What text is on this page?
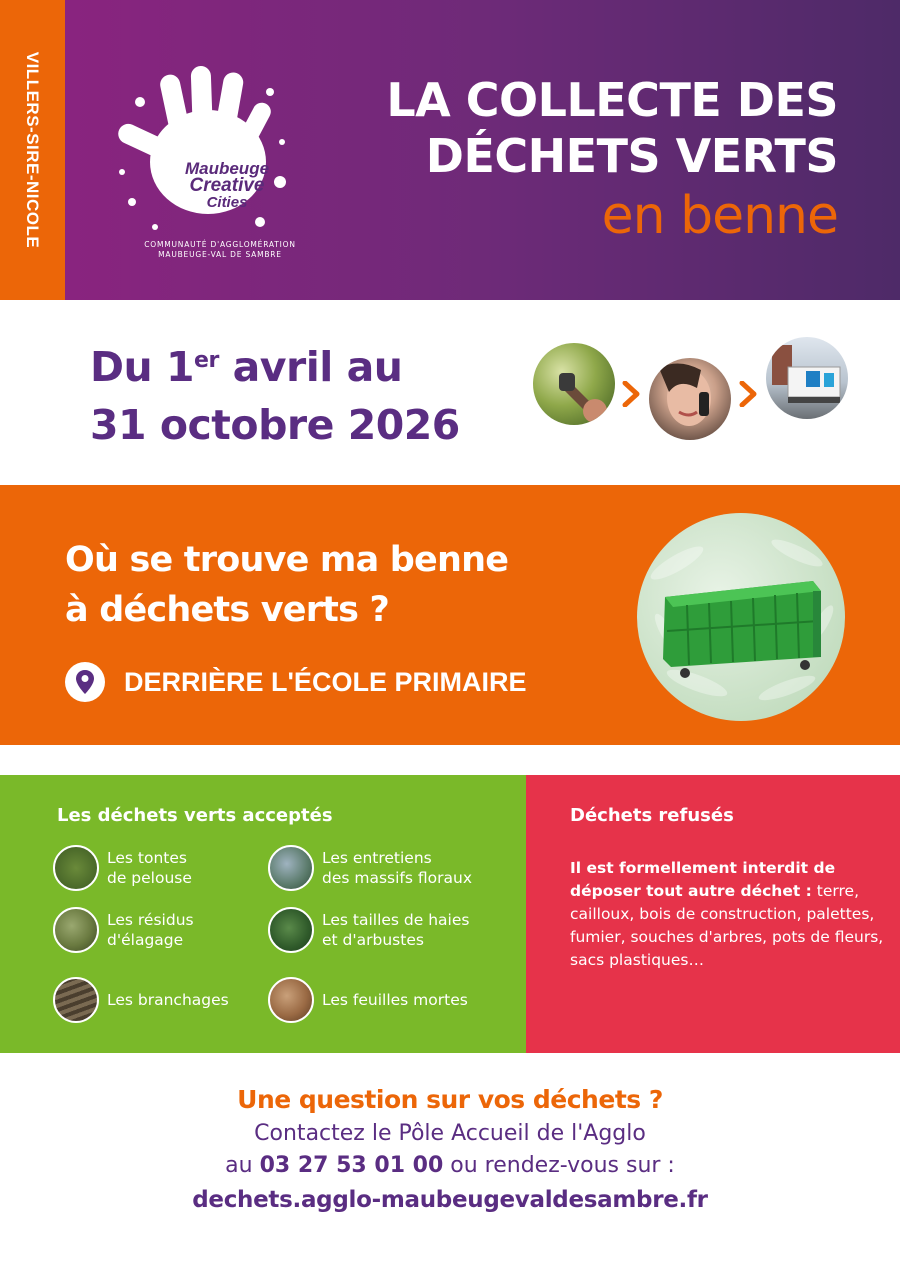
VILLERS-SIRE-NICOLE	Maubeuge
Creative
Cities
COMMUNAUTÉ D'AGGLOMÉRATION
MAUBEUGE-VAL DE SAMBRE
LA COLLECTE DES
DÉCHETS VERTS
en benne
Du 1er avril au
31 octobre 2026
Où se trouve ma benne
à déchets verts ?
DERRIÈRE L'ÉCOLE PRIMAIRE
Les déchets verts acceptés
Les tontes
de pelouse
Les entretiens
des massifs floraux
Les résidus
d'élagage
Les tailles de haies
et d'arbustes
Les branchages	Les feuilles mortes
Déchets refusés
Il est formellement interdit de déposer tout autre déchet : terre, cailloux, bois de construction, palettes, fumier, souches d'arbres, pots de fleurs, sacs plastiques…
Une question sur vos déchets ?
Contactez le Pôle Accueil de l'Agglo
au 03 27 53 01 00 ou rendez-vous sur :
dechets.agglo-maubeugevaldesambre.fr
